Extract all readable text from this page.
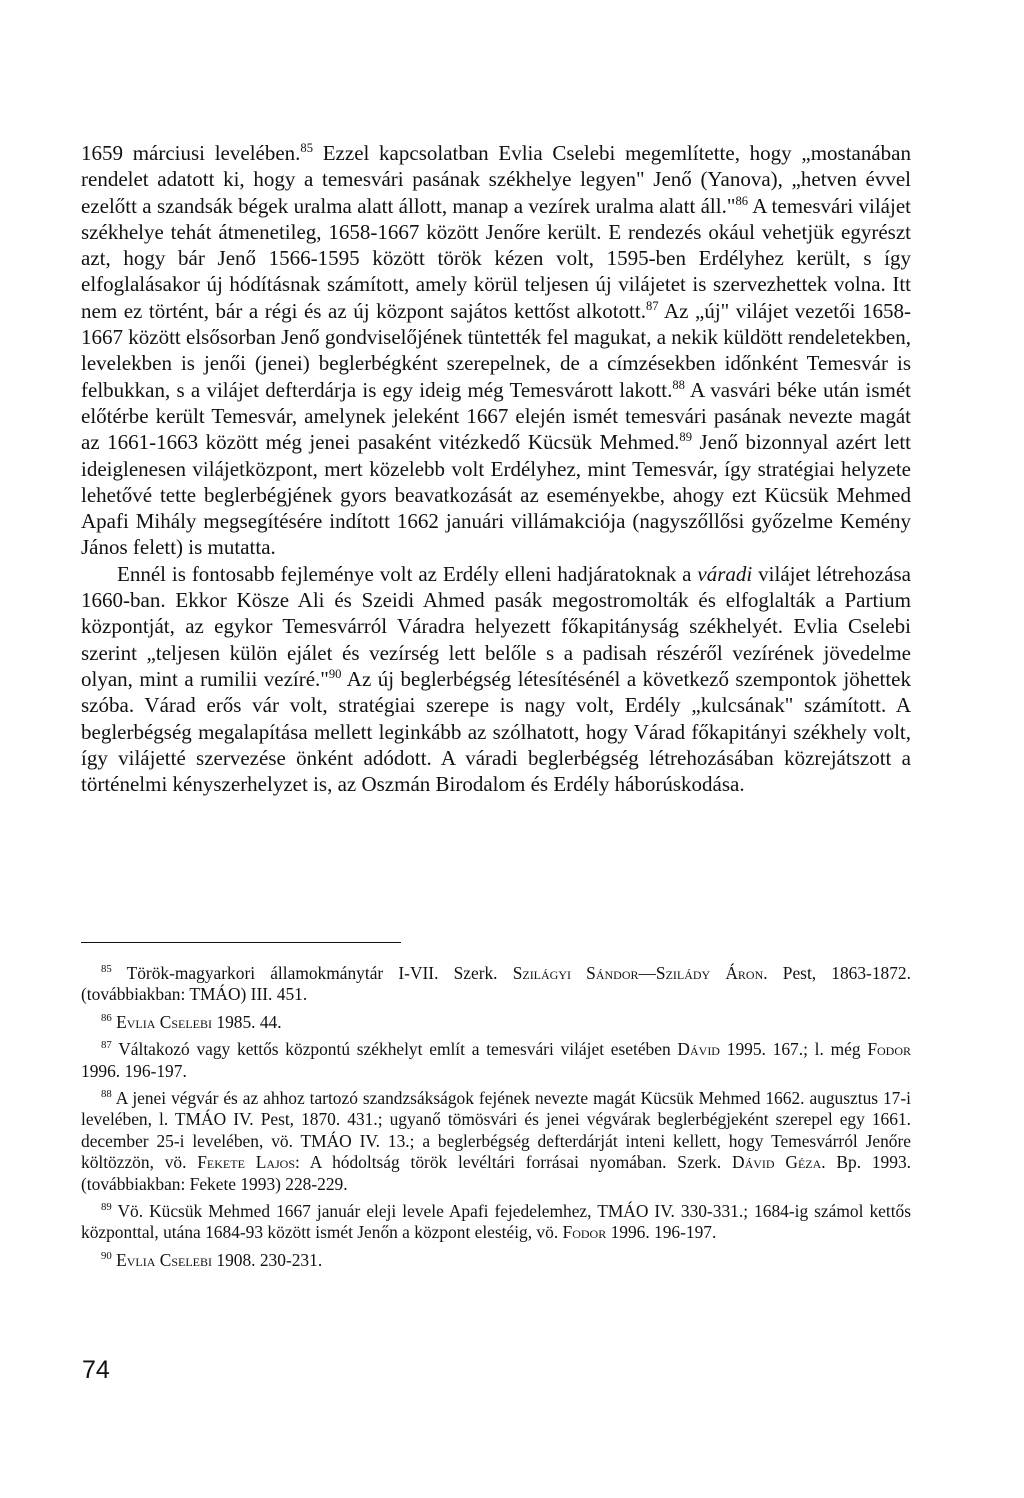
1659 márciusi levelében.$^{85}$ Ezzel kapcsolatban Evlia Cselebi megemlítette, hogy „mostanában rendelet adatott ki, hogy a temesvári pasának székhelye legyen" Jenő (Yanova), „hetven évvel ezelőtt a szandsák bégek uralma alatt állott, manap a vezírek uralma alatt áll."$^{86}$ A temesvári vilájet székhelye tehát átmenetileg, 1658-1667 között Jenőre került. E rendezés okául vehetjük egyrészt azt, hogy bár Jenő 1566-1595 között török kézen volt, 1595-ben Erdélyhez került, s így elfoglalásakor új hódításnak számított, amely körül teljesen új vilájetet is szervezhettek volna. Itt nem ez történt, bár a régi és az új központ sajátos kettőst alkotott.$^{87}$ Az „új" vilájet vezetői 1658-1667 között elsősorban Jenő gondviselőjének tüntették fel magukat, a nekik küldött rendeletekben, levelekben is jenői (jenei) beglerbégként szerepelnek, de a címzésekben időnként Temesvár is felbukkan, s a vilájet defterdárja is egy ideig még Temesvárott lakott.$^{88}$ A vasvári béke után ismét előtérbe került Temesvár, amelynek jeleként 1667 elején ismét temesvári pasának nevezte magát az 1661-1663 között még jenei pasaként vitézkedő Kücsük Mehmed.$^{89}$ Jenő bizonnyal azért lett ideiglenesen vilájetközpont, mert közelebb volt Erdélyhez, mint Temesvár, így stratégiai helyzete lehetővé tette beglerbégjének gyors beavatkozását az eseményekbe, ahogy ezt Kücsük Mehmed Apafi Mihály megsegítésére indított 1662 januári villámakciója (nagyszőllősi győzelme Kemény János felett) is mutatta.

Ennél is fontosabb fejleménye volt az Erdély elleni hadjáratoknak a váradi vilájet létrehozása 1660-ban. Ekkor Kösze Ali és Szeidi Ahmed pasák megostromolták és elfoglalták a Partium központját, az egykor Temesvárról Váradra helyezett főkapitányság székhelyét. Evlia Cselebi szerint „teljesen külön ejálet és vezírség lett belőle s a padisah részéről vezírének jövedelme olyan, mint a rumilii vezíré."$^{90}$ Az új beglerbégség létesítésénél a következő szempontok jöhettek szóba. Várad erős vár volt, stratégiai szerepe is nagy volt, Erdély „kulcsának" számított. A beglerbégség megalapítása mellett leginkább az szólhatott, hogy Várad főkapitányi székhely volt, így vilájetté szervezése önként adódott. A váradi beglerbégség létrehozásában közrejátszott a történelmi kényszerhelyzet is, az Oszmán Birodalom és Erdély háborúskodása.

$^{85}$ Török-magyarkori államokmánytár I-VII. Szerk. Szilágyi Sándor—Szilády Áron. Pest, 1863-1872. (továbbiakban: TMÁO) III. 451.

$^{86}$ Evlia Cselebi 1985. 44.

$^{87}$ Váltakozó vagy kettős központú székhelyt említ a temesvári vilájet esetében Dávid 1995. 167.; l. még Fodor 1996. 196-197.

$^{88}$ A jenei végvár és az ahhoz tartozó szandzsákságok fejének nevezte magát Kücsük Mehmed 1662. augusztus 17-i levelében, l. TMÁO IV. Pest, 1870. 431.; ugyanő tömösvári és jenei végvárak beglerbégjeként szerepel egy 1661. december 25-i levelében, vö. TMÁO IV. 13.; a beglerbégség defterdárját inteni kellett, hogy Temesvárról Jenőre költözzön, vö. Fekete Lajos: A hódoltság török levéltári forrásai nyomában. Szerk. Dávid Géza. Bp. 1993. (továbbiakban: Fekete 1993) 228-229.

$^{89}$ Vö. Kücsük Mehmed 1667 január eleji levele Apafi fejedelemhez, TMÁO IV. 330-331.; 1684-ig számol kettős központtal, utána 1684-93 között ismét Jenőn a központ elestéig, vö. Fodor 1996. 196-197.

$^{90}$ Evlia Cselebi 1908. 230-231.

74
